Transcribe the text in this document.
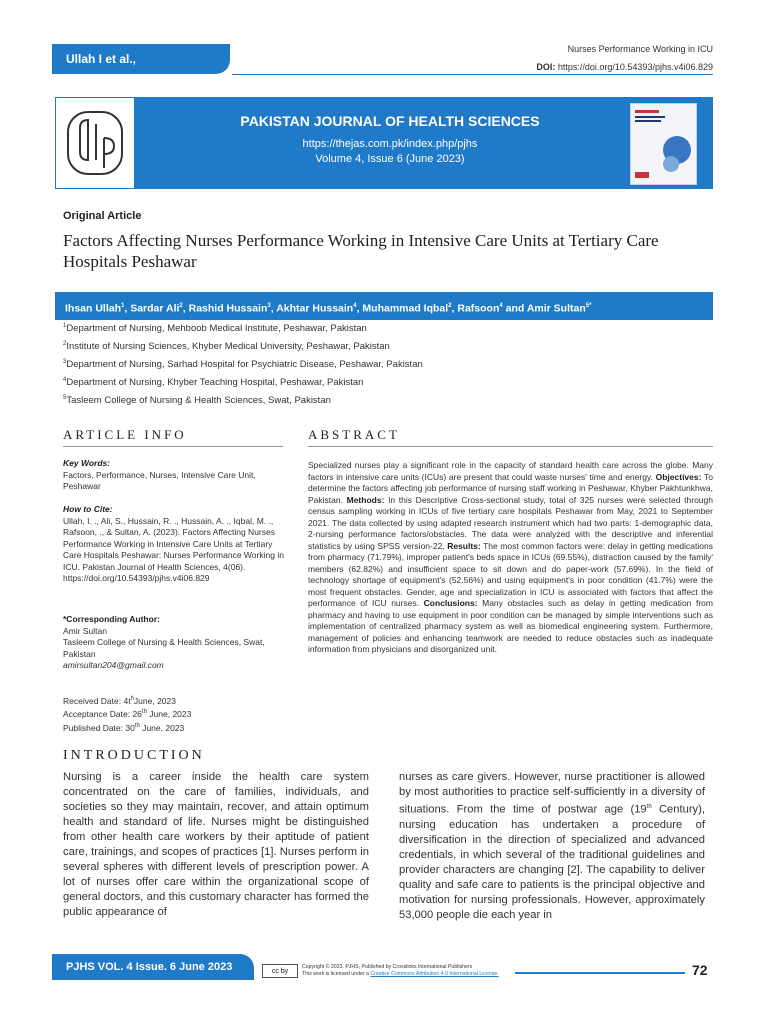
Ullah I et al.,
Nurses Performance Working in ICU
DOI: https://doi.org/10.54393/pjhs.v4i06.829
PAKISTAN JOURNAL OF HEALTH SCIENCES
https://thejas.com.pk/index.php/pjhs
Volume 4, Issue 6 (June 2023)
Original Article
Factors Affecting Nurses Performance Working in Intensive Care Units at Tertiary Care Hospitals Peshawar
Ihsan Ullah$^1$, Sardar Ali$^2$, Rashid Hussain$^3$, Akhtar Hussain$^4$, Muhammad Iqbal$^2$, Rafsoon$^4$ and Amir Sultan$^{5*}$
$^1$Department of Nursing, Mehboob Medical Institute, Peshawar, Pakistan
$^2$Institute of Nursing Sciences, Khyber Medical University, Peshawar, Pakistan
$^3$Department of Nursing, Sarhad Hospital for Psychiatric Disease, Peshawar, Pakistan
$^4$Department of Nursing, Khyber Teaching Hospital, Peshawar, Pakistan
$^5$Tasleem College of Nursing & Health Sciences, Swat, Pakistan
ARTICLE INFO	ABSTRACT
Key Words:
Factors, Performance, Nurses, Intensive Care Unit, Peshawar
How to Cite:
Ullah, I. ., Ali, S., Hussain, R. ., Hussain, A. ., Iqbal, M. ., Rafsoon, ., & Sultan, A. (2023). Factors Affecting Nurses Performance Working in Intensive Care Units at Tertiary Care Hospitals Peshawar: Nurses Performance Working in ICU. Pakistan Journal of Health Sciences, 4(06). https://doi.org/10.54393/pjhs.v4i06.829
*Corresponding Author:
Amir Sultan
Tasleem College of Nursing & Health Sciences, Swat, Pakistan
amirsultan204@gmail.com
Received Date: $4t^hJune$, 2023
Acceptance Date: 26th June, 2023
Published Date: 30th June, 2023
Specialized nurses play a significant role in the capacity of standard health care across the globe. Many factors in intensive care units (ICUs) are present that could waste nurses' time and energy. Objectives: To determine the factors affecting job performance of nursing staff working in Peshawar, Khyber Pakhtunkhwa, Pakistan. Methods: In this Descriptive Cross-sectional study, total of 325 nurses were selected through census sampling working in ICUs of five tertiary care hospitals Peshawar from May, 2021 to September 2021. The data collected by using adapted research instrument which had two parts: 1-demographic data, 2-nursing performance factors/obstacles. The data were analyzed with the descriptive and inferential statistics by using SPSS version-22. Results: The most common factors were: delay in getting medications from pharmacy (71.79%), improper patient's beds space in ICUs (69.55%), distraction caused by the family' members (62.82%) and insufficient space to sit down and do paper-work (57.69%). In the field of technology shortage of equipment's (52.56%) and using equipment's in poor condition (41.7%) were the most frequent obstacles. Gender, age and specialization in ICU is associated with factors that affect the performance of ICU nurses. Conclusions: Many obstacles such as delay in getting medication from pharmacy and having to use equipment in poor condition can be managed by simple interventions such as implementation of centralized pharmacy system as well as biomedical engineering system. Furthermore, management of policies and enhancing teamwork are needed to reduce obstacles such as inadequate information from physicians and disorganized unit.
INTRODUCTION
Nursing is a career inside the health care system concentrated on the care of families, individuals, and societies so they may maintain, recover, and attain optimum health and standard of life. Nurses might be distinguished from other health care workers by their aptitude of patient care, trainings, and scopes of practices [1]. Nurses perform in several spheres with different levels of prescription power. A lot of nurses offer care within the organizational scope of general doctors, and this customary character has formed the public appearance of
nurses as care givers. However, nurse practitioner is allowed by most authorities to practice self-sufficiently in a diversity of situations. From the time of postwar age (19th Century), nursing education has undertaken a procedure of diversification in the direction of specialized and advanced credentials, in which several of the traditional guidelines and provider characters are changing [2]. The capability to deliver quality and safe care to patients is the principal objective and motivation for nursing professionals. However, approximately 53,000 people die each year in
PJHS VOL. 4 Issue. 6 June 2023	cc by
Copyright © 2023. PJHS, Published by Crosslinks International Publishers
This work is licensed under a Creative Commons Attribution 4.0 International License.	72
